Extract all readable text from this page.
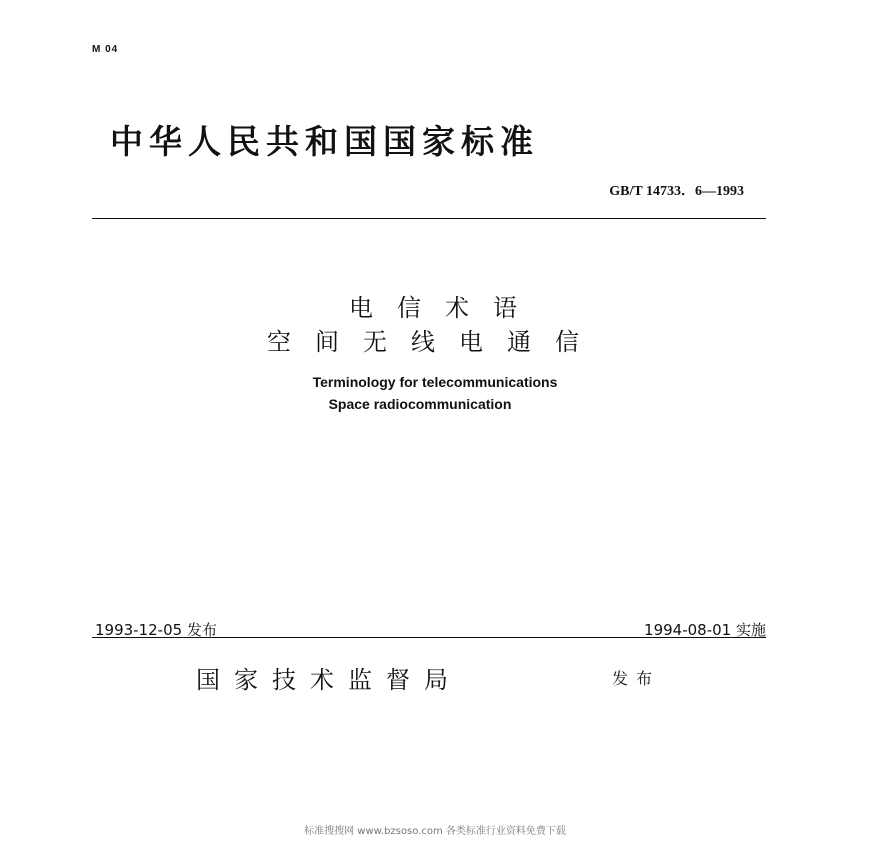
M 04
中华人民共和国国家标准
GB/T 14733．6—1993
电信术语
空间无线电通信
Terminology for telecommunications
Space radiocommunication
1993-12-05 发布	1994-08-01 实施
国家技术监督局	发布
标准搜搜网 www.bzsoso.com 各类标准行业资料免费下载
